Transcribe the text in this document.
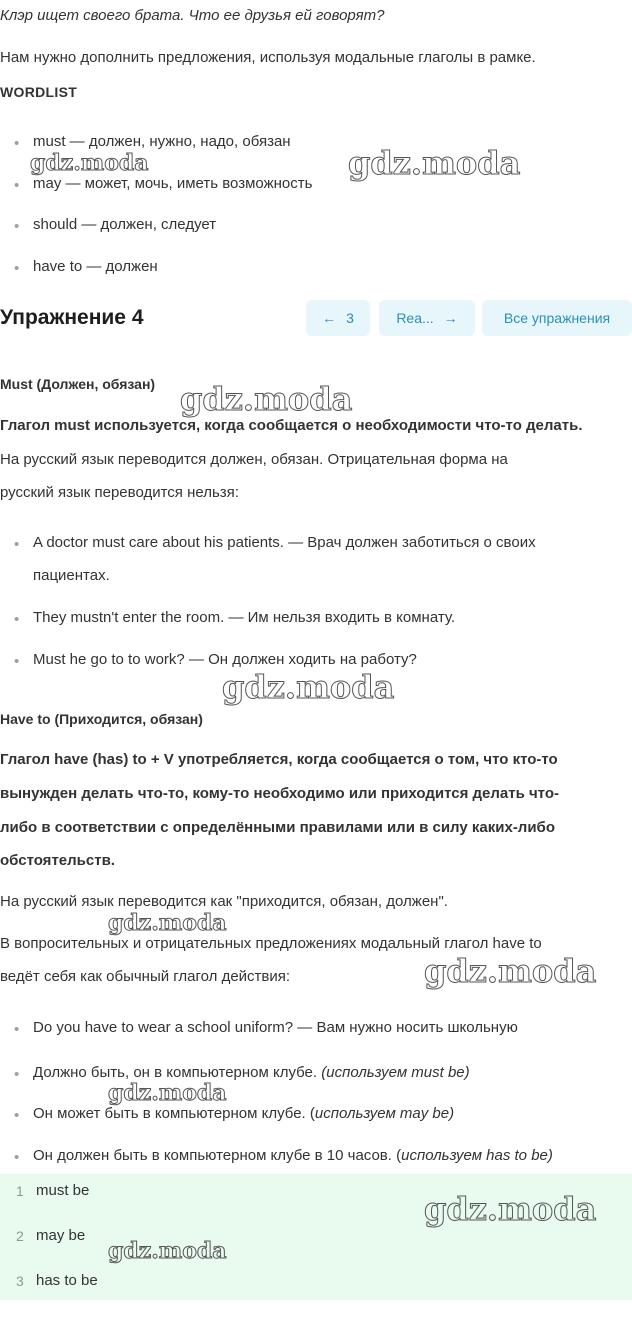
Клэр ищет своего брата. Что ее друзья ей говорят?
Нам нужно дополнить предложения, используя модальные глаголы в рамке.
WORDLIST
• must — должен, нужно, надо, обязан
• may — может, мочь, иметь возможность
• should — должен, следует
• have to — должен
Упражнение 4	← 3	Rea... →	Все упражнения
Must (Должен, обязан)
Глагол must используется, когда сообщается о необходимости что-то делать.
На русский язык переводится должен, обязан. Отрицательная форма на
русский язык переводится нельзя:
• A doctor must care about his patients. — Врач должен заботиться о своих
пациентах.
• They mustn't enter the room. — Им нельзя входить в комнату.
• Must he go to to work? — Он должен ходить на работу?
Have to (Приходится, обязан)
Глагол have (has) to + V употребляется, когда сообщается о том, что кто-то
вынужден делать что-то, кому-то необходимо или приходится делать что-
либо в соответствии с определёнными правилами или в силу каких-либо
обстоятельств.
На русский язык переводится как "приходится, обязан, должен".
В вопросительных и отрицательных предложениях модальный глагол have to
ведёт себя как обычный глагол действия:
• Do you have to wear a school uniform? — Вам нужно носить школьную
• Должно быть, он в компьютерном клубе. (используем must be)
• Он может быть в компьютерном клубе. (используем may be)
• Он должен быть в компьютерном клубе в 10 часов. (используем has to be)
1 must be
2 may be
3 has to be
gdz.moda	gdz.moda
gdz.moda
gdz.moda
gdz.moda
gdz.moda
gdz.moda
gdz.moda
gdz.moda
